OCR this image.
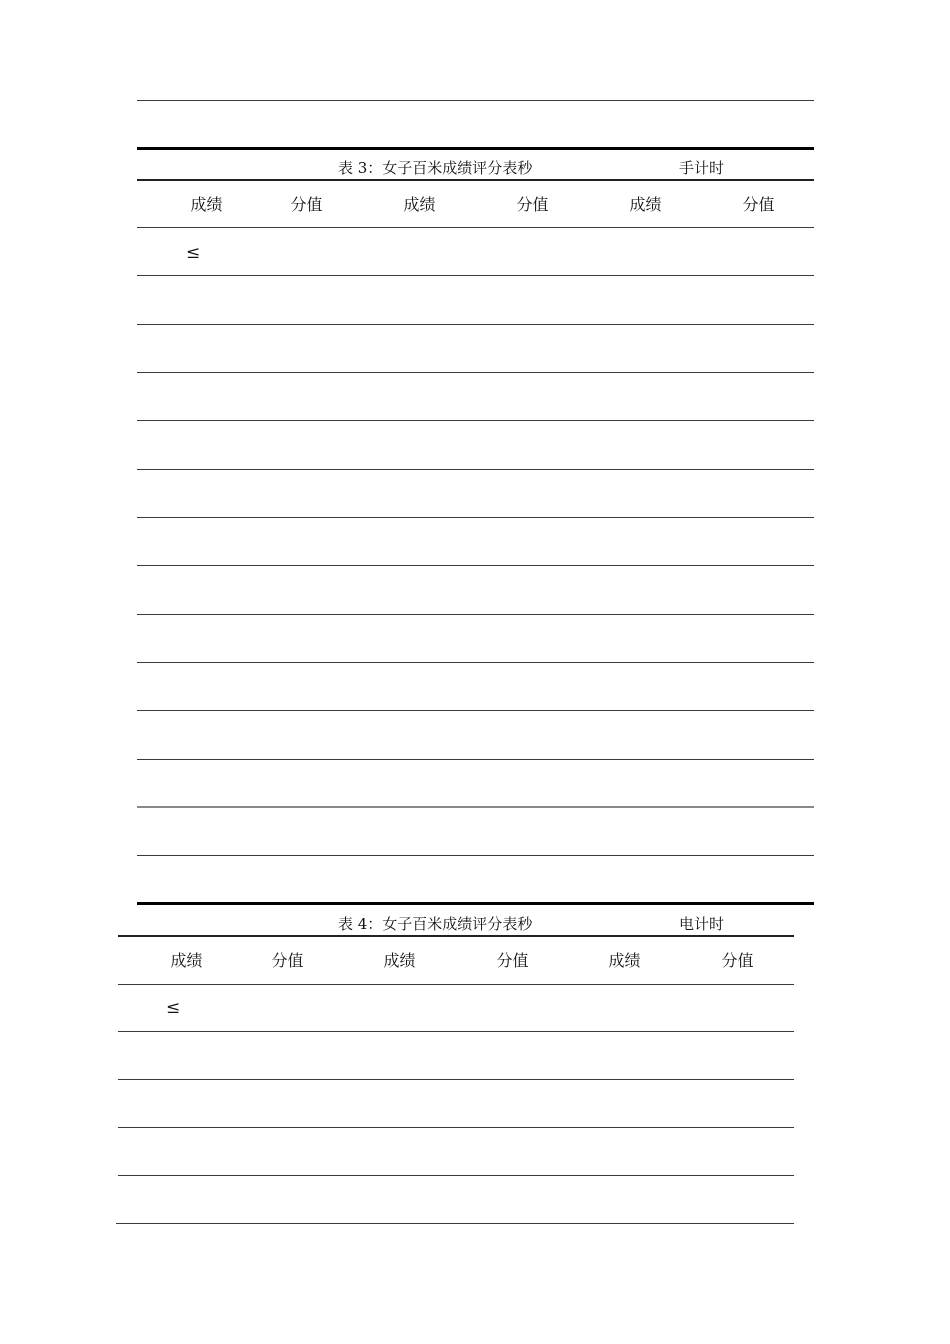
表 3：女子百米成绩评分表秒	手计时
成绩	分值	成绩	分值	成绩	分值
≤
表 4：女子百米成绩评分表秒	电计时
成绩	分值	成绩	分值	成绩	分值
≤
